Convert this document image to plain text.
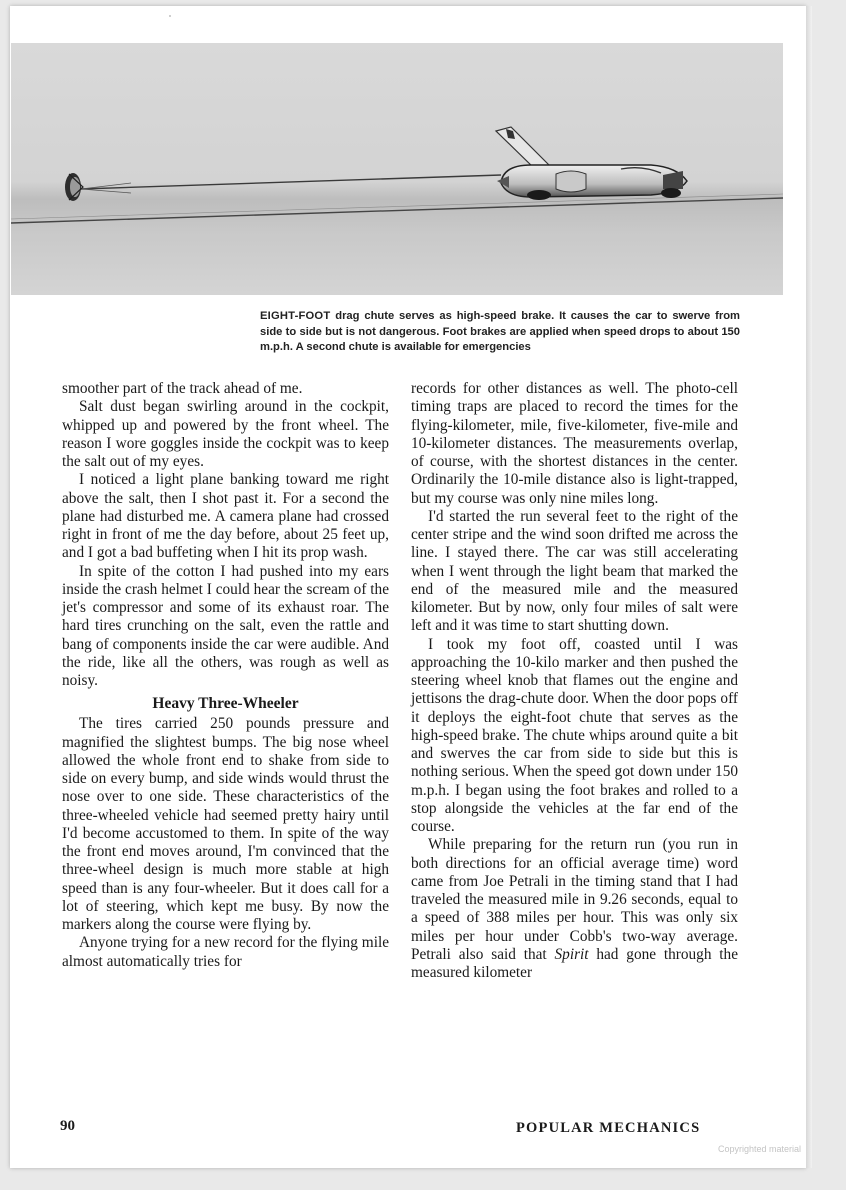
EIGHT-FOOT drag chute serves as high-speed brake. It causes the car to swerve from side to side but is not dangerous. Foot brakes are applied when speed drops to about 150 m.p.h. A second chute is available for emergencies

smoother part of the track ahead of me.

Salt dust began swirling around in the cockpit, whipped up and powered by the front wheel. The reason I wore goggles inside the cockpit was to keep the salt out of my eyes.

I noticed a light plane banking toward me right above the salt, then I shot past it. For a second the plane had disturbed me. A camera plane had crossed right in front of me the day before, about 25 feet up, and I got a bad buffeting when I hit its prop wash.

In spite of the cotton I had pushed into my ears inside the crash helmet I could hear the scream of the jet's compressor and some of its exhaust roar. The hard tires crunching on the salt, even the rattle and bang of components inside the car were audible. And the ride, like all the others, was rough as well as noisy.

Heavy Three-Wheeler

The tires carried 250 pounds pressure and magnified the slightest bumps. The big nose wheel allowed the whole front end to shake from side to side on every bump, and side winds would thrust the nose over to one side. These characteristics of the three-wheeled vehicle had seemed pretty hairy until I'd become accustomed to them. In spite of the way the front end moves around, I'm convinced that the three-wheel design is much more stable at high speed than is any four-wheeler. But it does call for a lot of steering, which kept me busy. By now the markers along the course were flying by.

Anyone trying for a new record for the flying mile almost automatically tries for

records for other distances as well. The photo-cell timing traps are placed to record the times for the flying-kilometer, mile, five-kilometer, five-mile and 10-kilometer distances. The measurements overlap, of course, with the shortest distances in the center. Ordinarily the 10-mile distance also is light-trapped, but my course was only nine miles long.

I'd started the run several feet to the right of the center stripe and the wind soon drifted me across the line. I stayed there. The car was still accelerating when I went through the light beam that marked the end of the measured mile and the measured kilometer. But by now, only four miles of salt were left and it was time to start shutting down.

I took my foot off, coasted until I was approaching the 10-kilo marker and then pushed the steering wheel knob that flames out the engine and jettisons the drag-chute door. When the door pops off it deploys the eight-foot chute that serves as the high-speed brake. The chute whips around quite a bit and swerves the car from side to side but this is nothing serious. When the speed got down under 150 m.p.h. I began using the foot brakes and rolled to a stop alongside the vehicles at the far end of the course.

While preparing for the return run (you run in both directions for an official average time) word came from Joe Petrali in the timing stand that I had traveled the measured mile in 9.26 seconds, equal to a speed of 388 miles per hour. This was only six miles per hour under Cobb's two-way average. Petrali also said that Spirit had gone through the measured kilometer

90	POPULAR MECHANICS
Copyrighted material
